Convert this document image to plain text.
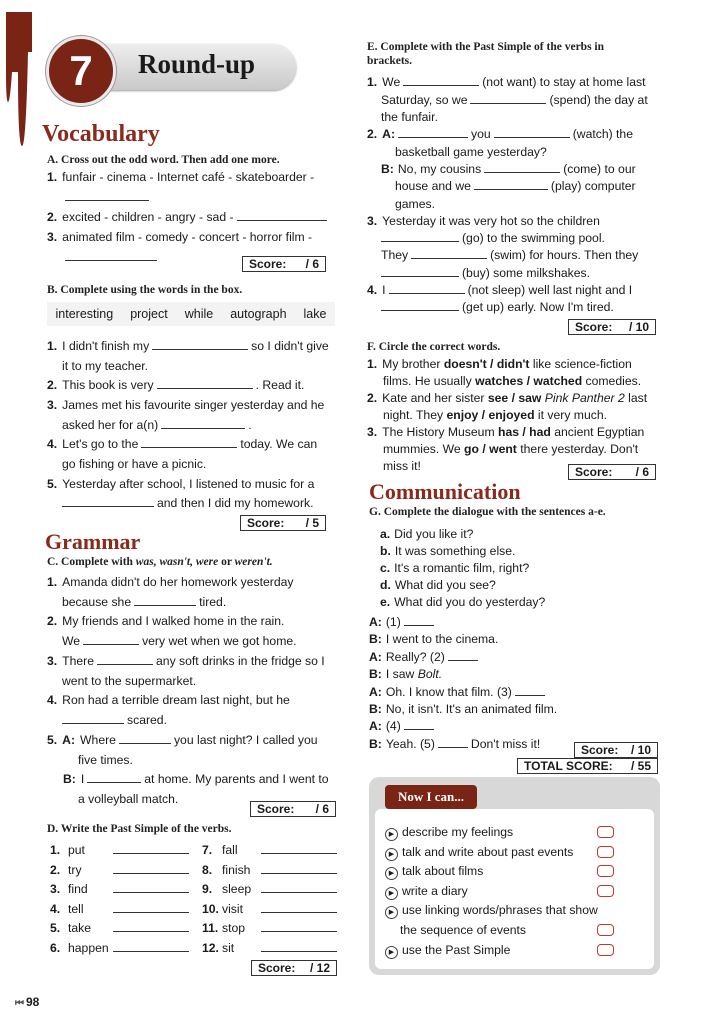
7 Round-up
Vocabulary
A. Cross out the odd word. Then add one more.
1. funfair - cinema - Internet café - skateboarder -
2. excited - children - angry - sad -
3. animated film - comedy - concert - horror film -
Score: / 6
B. Complete using the words in the box.
interesting project while autograph lake
1. I didn't finish my	so I didn't give
it to my teacher.
2. This book is very	. Read it.
3. James met his favourite singer yesterday and he
asked her for a(n)	.
4. Let's go to the	today. We can
go fishing or have a picnic.
5. Yesterday after school, I listened to music for a
and then I did my homework.
Score: / 5
Grammar
C. Complete with was, wasn't, were or weren't.
1. Amanda didn't do her homework yesterday
because she	tired.
2. My friends and I walked home in the rain.
We	very wet when we got home.
3. There	any soft drinks in the fridge so I
went to the supermarket.
4. Ron had a terrible dream last night, but he
scared.
5. A: Where	you last night? I called you
five times.
B: I	at home. My parents and I went to
a volleyball match.
Score: / 6
D. Write the Past Simple of the verbs.
1. put
2. try
3. find
4. tell
5. take
6. happen
7. fall
8. finish
9. sleep
10. visit
11. stop
12. sit
Score: / 12
⏮ 98
E. Complete with the Past Simple of the verbs in brackets.
1. We	(not want) to stay at home last
Saturday, so we	(spend) the day at
the funfair.
2. A:	you	(watch) the
basketball game yesterday?
B: No, my cousins	(come) to our
house and we	(play) computer
games.
3. Yesterday it was very hot so the children
(go) to the swimming pool.
They	(swim) for hours. Then they
(buy) some milkshakes.
4. I	(not sleep) well last night and I
(get up) early. Now I'm tired.
Score: / 10
F. Circle the correct words.
1. My brother
doesn't / didn't
like science-fiction
films. He usually
watches / watched
comedies.
2. Kate and her sister
see / saw
Pink Panther 2
last
night. They
enjoy / enjoyed
it very much.
3. The History Museum
has / had
ancient Egyptian
mummies. We
go / went
there yesterday. Don't
miss it!	Score: / 6
Communication
G. Complete the dialogue with the sentences a-e.
a. Did you like it?
b. It was something else.
c. It's a romantic film, right?
d. What did you see?
e. What did you do yesterday?
A: (1)
B: I went to the cinema.
A: Really? (2)
B: I saw
Bolt.
A: Oh. I know that film. (3)
B: No, it isn't. It's an animated film.
A: (4)
B: Yeah. (5)	Don't miss it!	Score: / 10
TOTAL SCORE: / 55
Now I can...
▶ describe my feelings
▶ talk and write about past events
▶ talk about films
▶ write a diary
▶ use linking words/phrases that show
the sequence of events
▶ use the Past Simple
